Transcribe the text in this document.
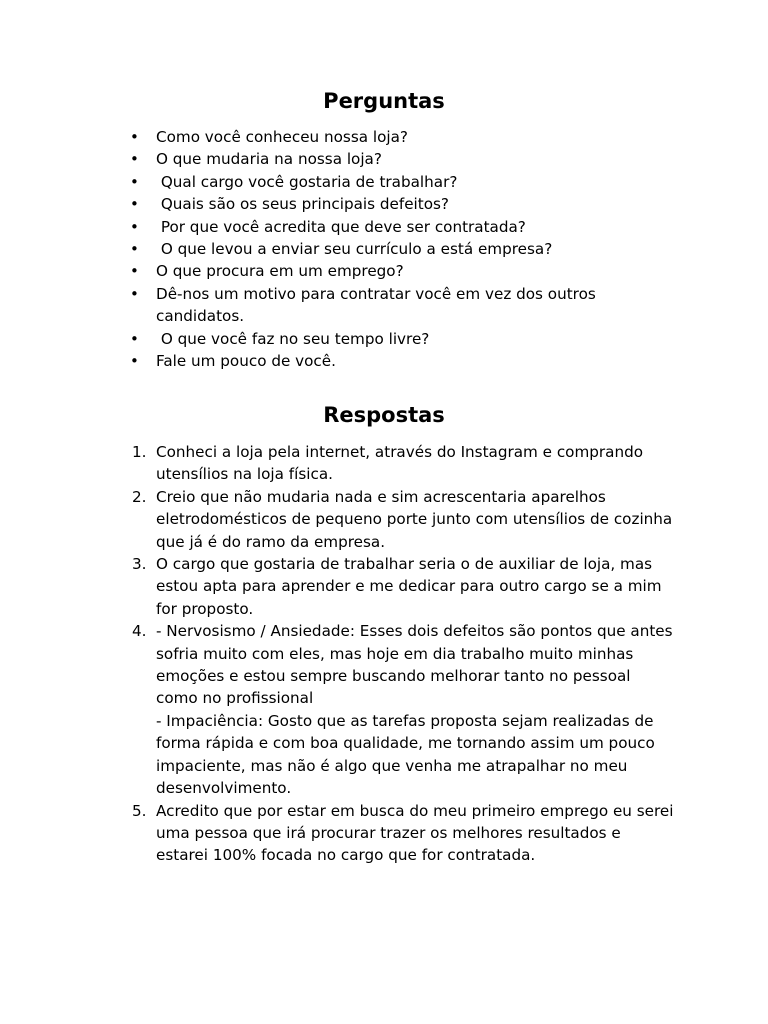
Perguntas
• Como você conheceu nossa loja?
• O que mudaria na nossa loja?
• Qual cargo você gostaria de trabalhar?
• Quais são os seus principais defeitos?
• Por que você acredita que deve ser contratada?
• O que levou a enviar seu currículo a está empresa?
• O que procura em um emprego?
• Dê-nos um motivo para contratar você em vez dos outros candidatos.
• O que você faz no seu tempo livre?
• Fale um pouco de você.
Respostas
1. Conheci a loja pela internet, através do Instagram e comprando utensílios na loja física.
2. Creio que não mudaria nada e sim acrescentaria aparelhos eletrodomésticos de pequeno porte junto com utensílios de cozinha que já é do ramo da empresa.
3. O cargo que gostaria de trabalhar seria o de auxiliar de loja, mas estou apta para aprender e me dedicar para outro cargo se a mim for proposto.
4. - Nervosismo / Ansiedade: Esses dois defeitos são pontos que antes sofria muito com eles, mas hoje em dia trabalho muito minhas emoções e estou sempre buscando melhorar tanto no pessoal como no profissional
- Impaciência: Gosto que as tarefas proposta sejam realizadas de forma rápida e com boa qualidade, me tornando assim um pouco impaciente, mas não é algo que venha me atrapalhar no meu desenvolvimento.
5. Acredito que por estar em busca do meu primeiro emprego eu serei uma pessoa que irá procurar trazer os melhores resultados e estarei 100% focada no cargo que for contratada.
